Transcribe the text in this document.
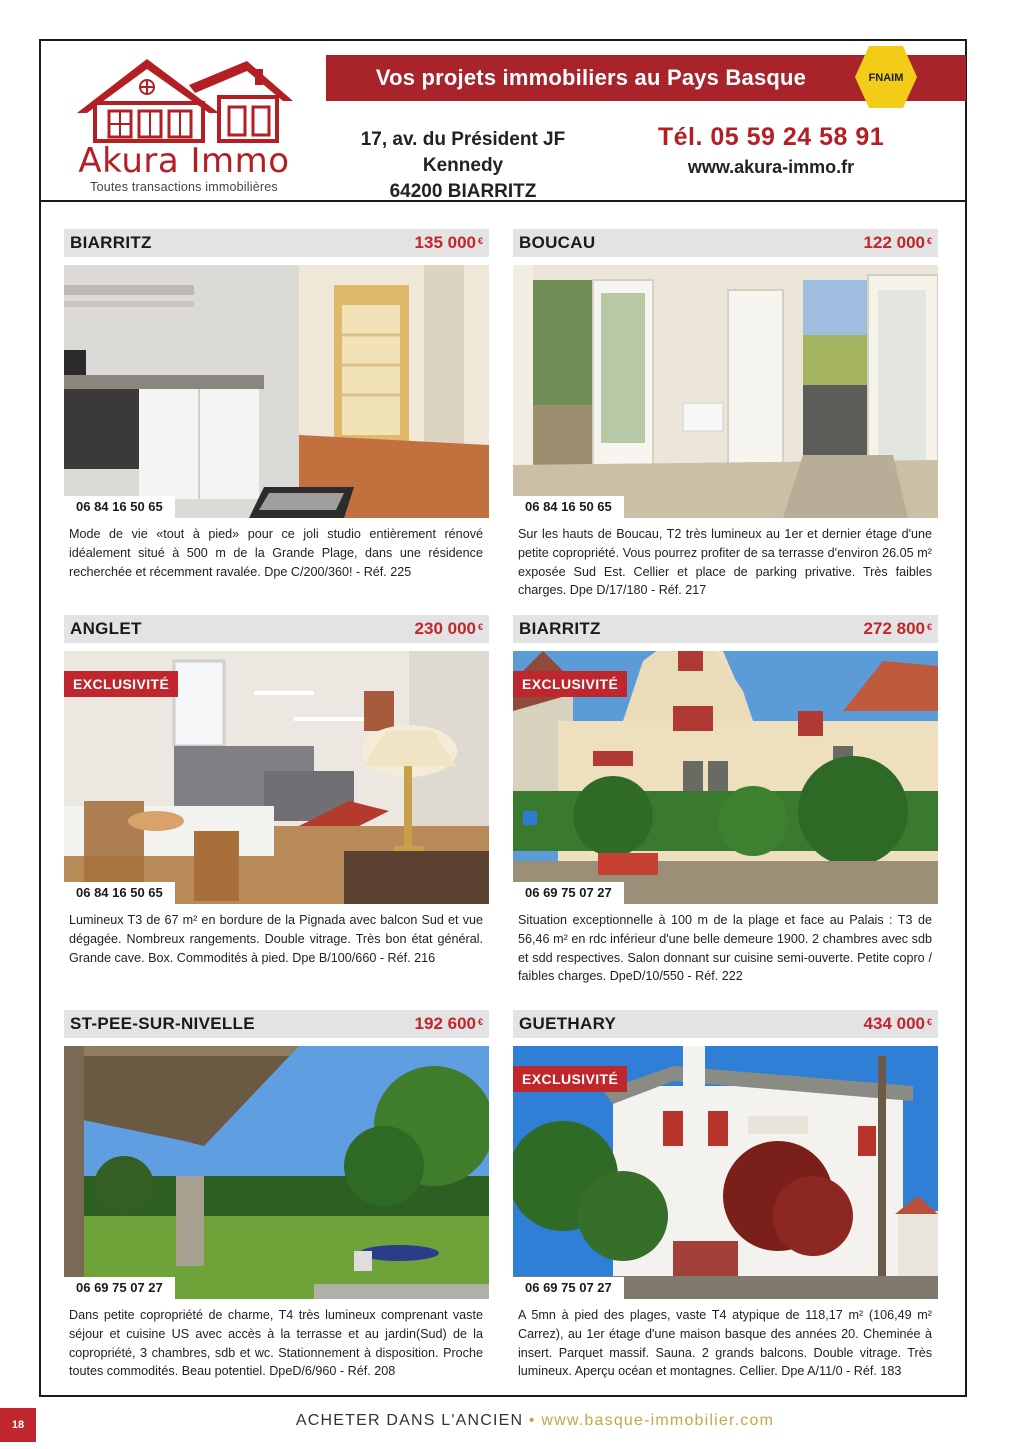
Akura Immo
Toutes transactions immobilières
Vos projets immobiliers au Pays Basque	FNAIM
17, av. du Président JF Kennedy
64200 BIARRITZ
Tél. 05 59 24 58 91
www.akura-immo.fr
BIARRITZ	135 000 €
06 84 16 50 65
Mode de vie «tout à pied» pour ce joli studio entièrement rénové idéalement situé à 500 m de la Grande Plage, dans une résidence recherchée et récemment ravalée. Dpe C/200/360! - Réf. 225
BOUCAU	122 000 €
06 84 16 50 65
Sur les hauts de Boucau, T2 très lumineux au 1er et dernier étage d'une petite copropriété. Vous pourrez profiter de sa terrasse d'environ 26.05 m² exposée Sud Est. Cellier et place de parking privative. Très faibles charges. Dpe D/17/180 - Réf. 217
ANGLET	230 000 €
EXCLUSIVITÉ
06 84 16 50 65
Lumineux T3 de 67 m² en bordure de la Pignada avec balcon Sud et vue dégagée. Nombreux rangements. Double vitrage. Très bon état général. Grande cave. Box. Commodités à pied. Dpe B/100/660 - Réf. 216
BIARRITZ	272 800 €
EXCLUSIVITÉ
06 69 75 07 27
Situation exceptionnelle à 100 m de la plage et face au Palais : T3 de 56,46 m² en rdc inférieur d'une belle demeure 1900. 2 chambres avec sdb et sdd respectives. Salon donnant sur cuisine semi-ouverte. Petite copro / faibles charges. DpeD/10/550 - Réf. 222
ST-PEE-SUR-NIVELLE	192 600 €
06 69 75 07 27
Dans petite copropriété de charme, T4 très lumineux comprenant vaste séjour et cuisine US avec accès à la terrasse et au jardin(Sud) de la copropriété, 3 chambres, sdb et wc. Stationnement à disposition. Proche toutes commodités. Beau potentiel. DpeD/6/960 - Réf. 208
GUETHARY	434 000 €
EXCLUSIVITÉ
06 69 75 07 27
A 5mn à pied des plages, vaste T4 atypique de 118,17 m² (106,49 m² Carrez), au 1er étage d'une maison basque des années 20. Cheminée à insert. Parquet massif. Sauna. 2 grands balcons. Double vitrage. Très lumineux. Aperçu océan et montagnes. Cellier. Dpe A/11/0 - Réf. 183
18	ACHETER DANS L'ANCIEN • www.basque-immobilier.com
